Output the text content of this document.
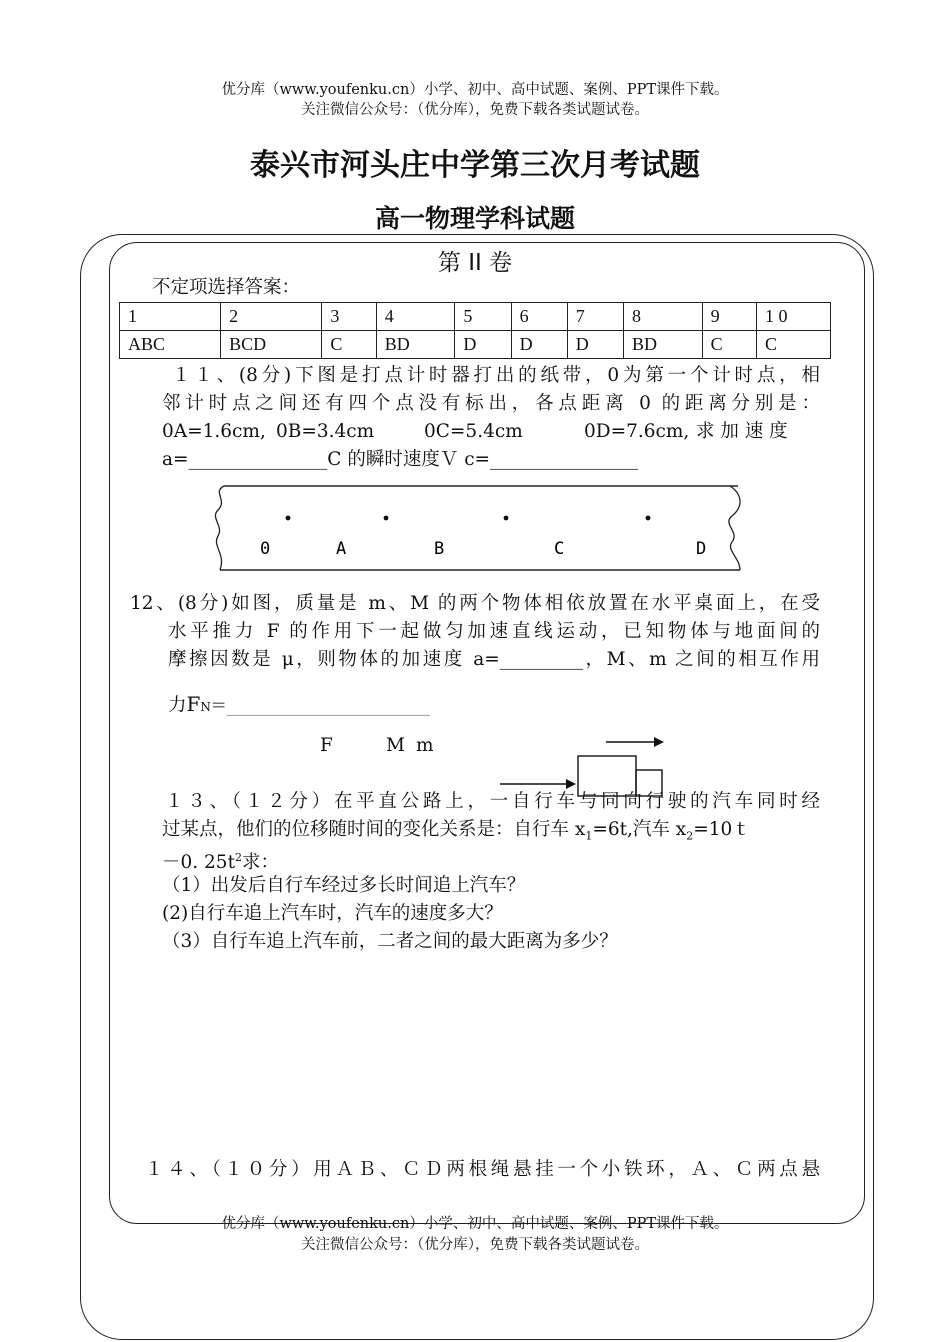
优分库（www.youfenku.cn）小学、初中、高中试题、案例、PPT课件下载。
关注微信公众号：（优分库），免费下载各类试题试卷。
泰兴市河头庄中学第三次月考试题
高一物理学科试题
第 II 卷
不定项选择答案：
1	2	3	4	5	6	7	8	9	1 0
ABC	BCD	C	BD	D	D	D	BD	C	C
１１、(8分)下图是打点计时器打出的纸带，0为第一个计时点，相
邻计时点之间还有四个点没有标出，各点距离 0 的距离分别是：
0A=1.6cm, 0B=3.4cm	0C=5.4cm	0D=7.6cm, 求 加 速 度
a=_______________C 的瞬时速度Ｖ c=________________
0	A	B	C	D
12、(8分)如图，质量是 m、M 的两个物体相依放置在水平桌面上，在受
水平推力 F 的作用下一起做匀加速直线运动，已知物体与地面间的
摩擦因数是 μ，则物体的加速度 a=_________，M、m 之间的相互作用
力FN=______________________
F	M m
１３、（１２分）在平直公路上，一自行车与同向行驶的汽车同时经
过某点，他们的位移随时间的变化关系是：自行车 $x_1=6t$,汽车 $x_2=10t$
－0. $25t^2$求：
（1）出发后自行车经过多长时间追上汽车？
(2)自行车追上汽车时，汽车的速度多大？
（3）自行车追上汽车前，二者之间的最大距离为多少？
１４、（１０分）用ＡＢ、ＣＤ两根绳悬挂一个小铁环，Ａ、Ｃ两点悬
优分库（www.youfenku.cn）小学、初中、高中试题、案例、PPT课件下载。
关注微信公众号：（优分库），免费下载各类试题试卷。
